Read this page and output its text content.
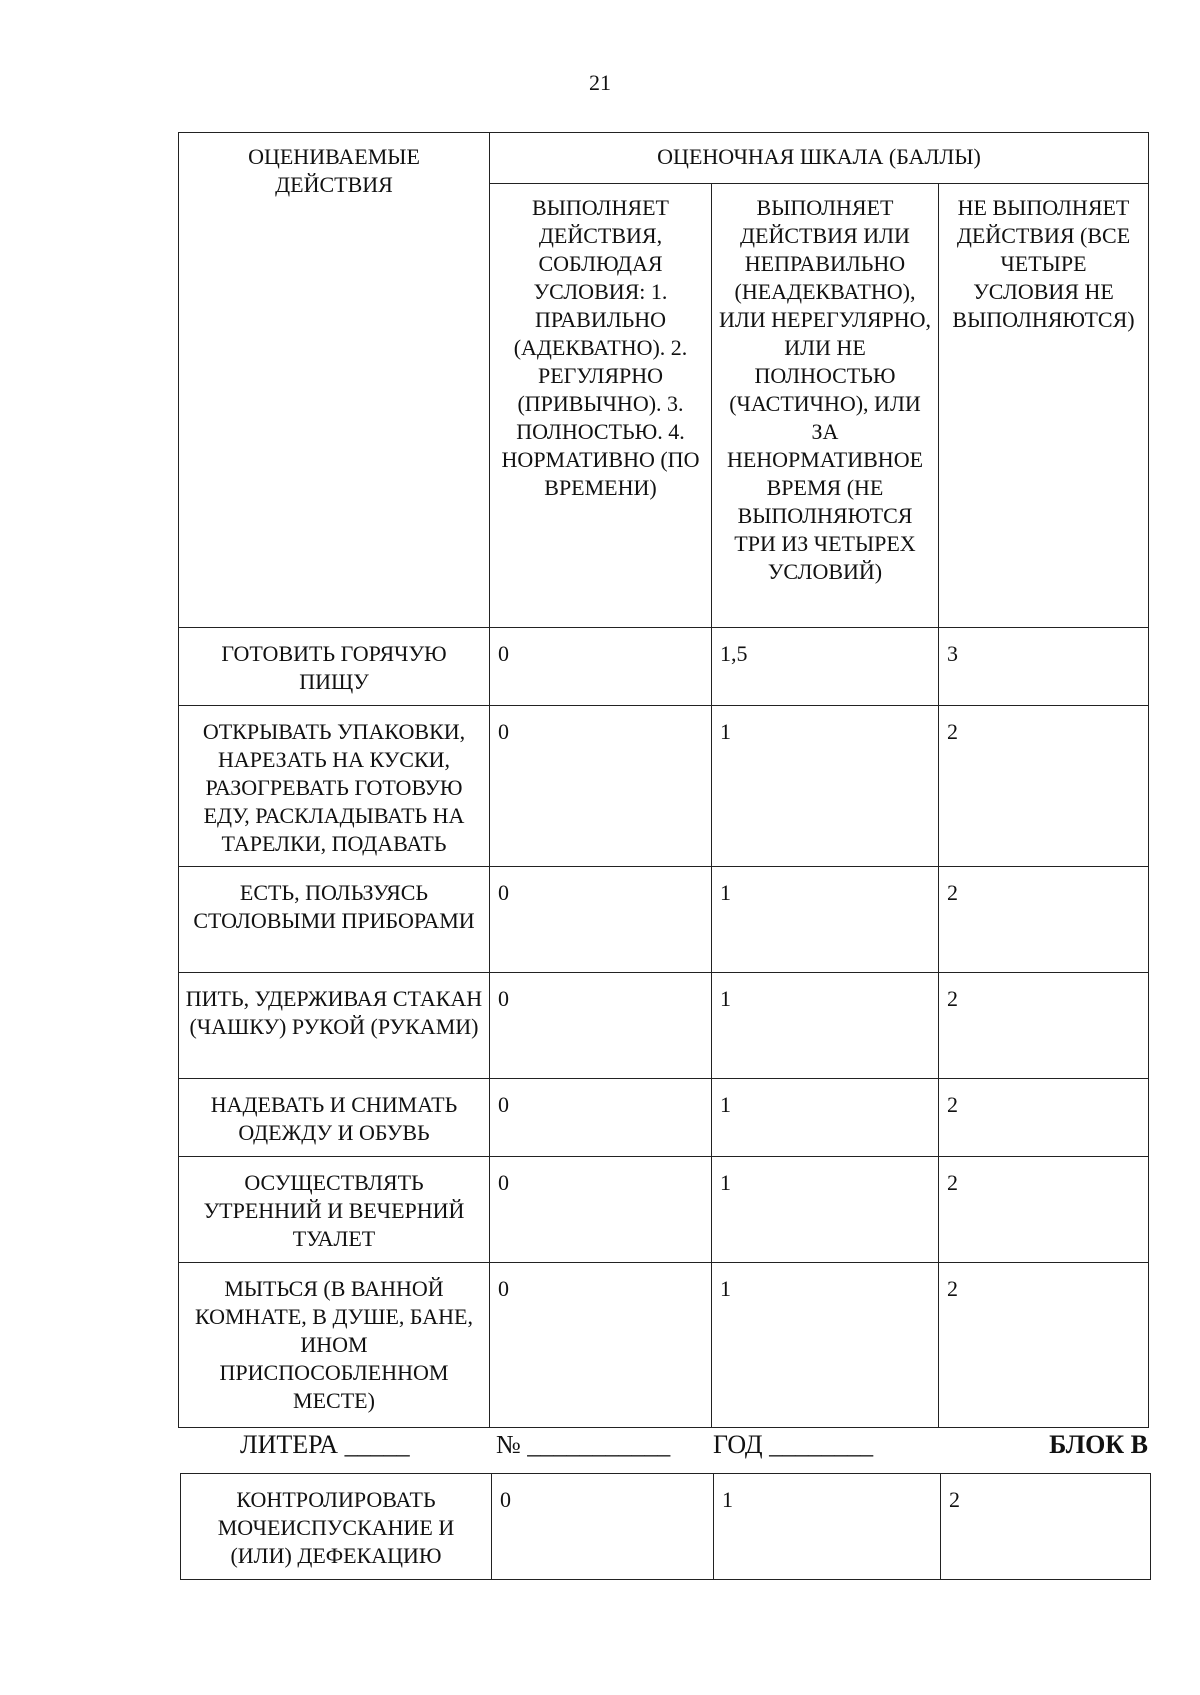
21
ОЦЕНИВАЕМЫЕ ДЕЙСТВИЯ	ОЦЕНОЧНАЯ ШКАЛА (БАЛЛЫ)		
	ВЫПОЛНЯЕТ ДЕЙСТВИЯ, СОБЛЮДАЯ УСЛОВИЯ: 1. ПРАВИЛЬНО (АДЕКВАТНО). 2. РЕГУЛЯРНО (ПРИВЫЧНО). 3. ПОЛНОСТЬЮ. 4. НОРМАТИВНО (ПО ВРЕМЕНИ)	ВЫПОЛНЯЕТ ДЕЙСТВИЯ ИЛИ НЕПРАВИЛЬНО (НЕАДЕКВАТНО), ИЛИ НЕРЕГУЛЯРНО, ИЛИ НЕ ПОЛНОСТЬЮ (ЧАСТИЧНО), ИЛИ ЗА НЕНОРМАТИВНОЕ ВРЕМЯ (НЕ ВЫПОЛНЯЮТСЯ ТРИ ИЗ ЧЕТЫРЕХ УСЛОВИЙ)	НЕ ВЫПОЛНЯЕТ ДЕЙСТВИЯ (ВСЕ ЧЕТЫРЕ УСЛОВИЯ НЕ ВЫПОЛНЯЮТСЯ)
ГОТОВИТЬ ГОРЯЧУЮ ПИЩУ	0	1,5	3
ОТКРЫВАТЬ УПАКОВКИ, НАРЕЗАТЬ НА КУСКИ, РАЗОГРЕВАТЬ ГОТОВУЮ ЕДУ, РАСКЛАДЫВАТЬ НА ТАРЕЛКИ, ПОДАВАТЬ	0	1	2
ЕСТЬ, ПОЛЬЗУЯСЬ СТОЛОВЫМИ ПРИБОРАМИ	0	1	2
ПИТЬ, УДЕРЖИВАЯ СТАКАН (ЧАШКУ) РУКОЙ (РУКАМИ)	0	1	2
НАДЕВАТЬ И СНИМАТЬ ОДЕЖДУ И ОБУВЬ	0	1	2
ОСУЩЕСТВЛЯТЬ УТРЕННИЙ И ВЕЧЕРНИЙ ТУАЛЕТ	0	1	2
МЫТЬСЯ (В ВАННОЙ КОМНАТЕ, В ДУШЕ, БАНЕ, ИНОМ ПРИСПОСОБЛЕННОМ МЕСТЕ)	0	1	2
ЛИТЕРА _____	№ ___________ ГОД ________	БЛОК В
КОНТРОЛИРОВАТЬ МОЧЕИСПУСКАНИЕ И (ИЛИ) ДЕФЕКАЦИЮ	0	1	2
